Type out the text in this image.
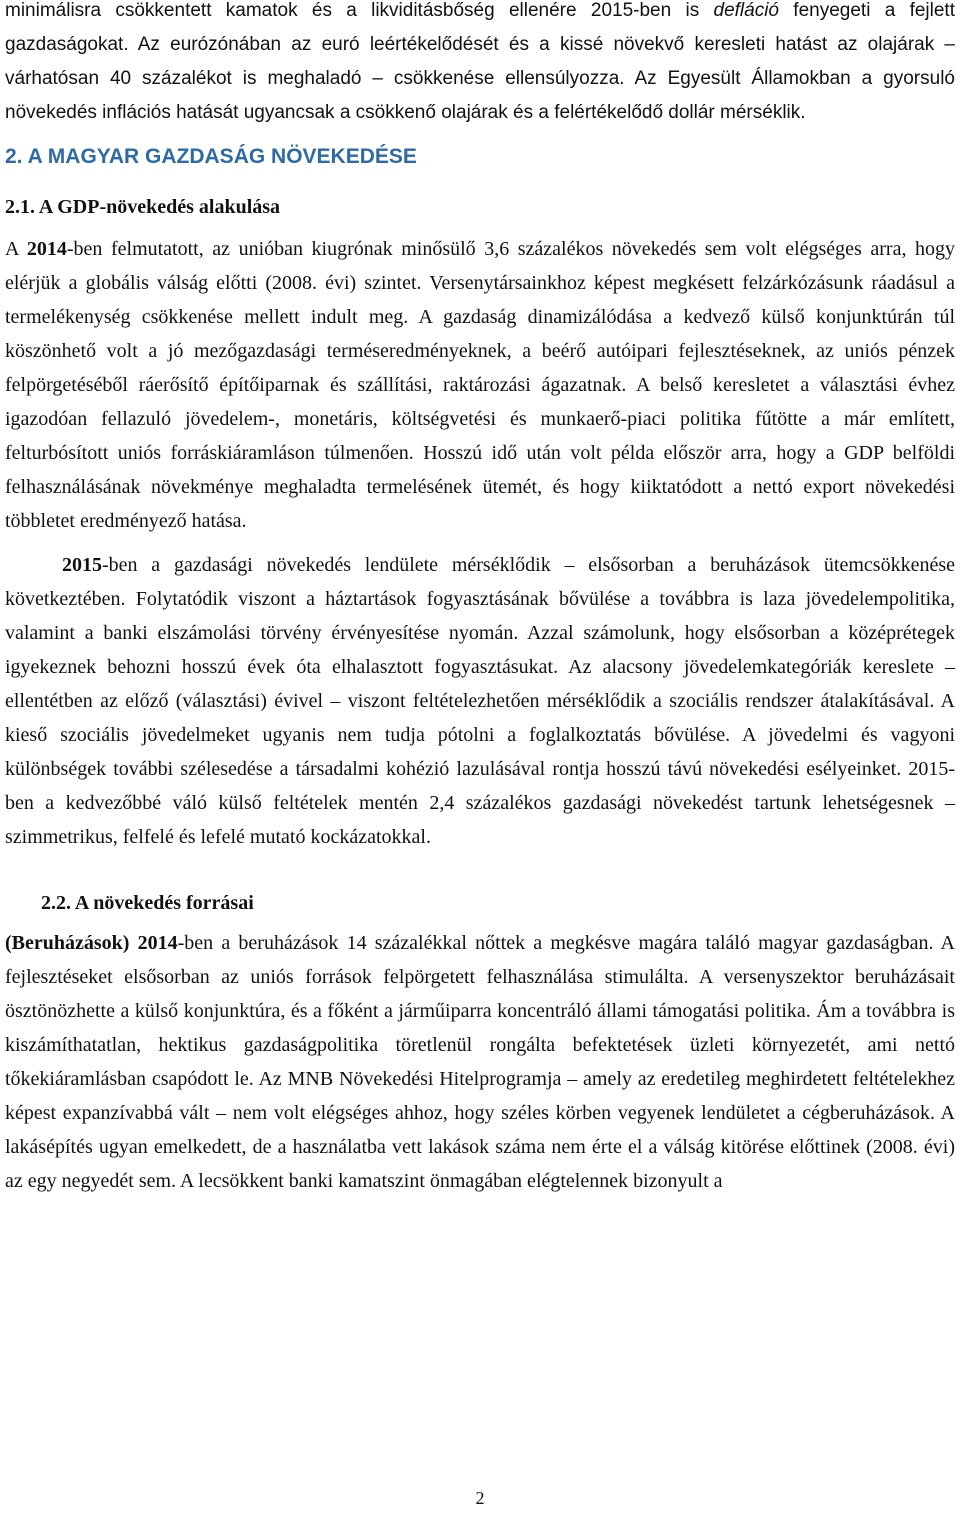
minimálisra csökkentett kamatok és a likviditásbőség ellenére 2015-ben is defláció fenyegeti a fejlett gazdaságokat. Az eurózónában az euró leértékelődését és a kissé növekvő keresleti hatást az olajárak – várhatósan 40 százalékot is meghaladó – csökkenése ellensúlyozza. Az Egyesült Államokban a gyorsuló növekedés inflációs hatását ugyancsak a csökkenő olajárak és a felértékelődő dollár mérséklik.

2. A MAGYAR GAZDASÁG NÖVEKEDÉSE
2.1. A GDP-növekedés alakulása

A 2014-ben felmutatott, az unióban kiugrónak minősülő 3,6 százalékos növekedés sem volt elégséges arra, hogy elérjük a globális válság előtti (2008. évi) szintet. Versenytársainkhoz képest megkésett felzárkózásunk ráadásul a termelékenység csökkenése mellett indult meg. A gazdaság dinamizálódása a kedvező külső konjunktúrán túl köszönhető volt a jó mezőgazdasági terméseredményeknek, a beérő autóipari fejlesztéseknek, az uniós pénzek felpörgetéséből ráerősítő építőiparnak és szállítási, raktározási ágazatnak. A belső keresletet a választási évhez igazodóan fellazuló jövedelem-, monetáris, költségvetési és munkaerő-piaci politika fűtötte a már említett, felturbósított uniós forráskiáramláson túlmenően. Hosszú idő után volt példa először arra, hogy a GDP belföldi felhasználásának növekménye meghaladta termelésének ütemét, és hogy kiiktatódott a nettó export növekedési többletet eredményező hatása.

2015-ben a gazdasági növekedés lendülete mérséklődik – elsősorban a beruházások ütemcsökkenése következtében. Folytatódik viszont a háztartások fogyasztásának bővülése a továbbra is laza jövedelempolitika, valamint a banki elszámolási törvény érvényesítése nyomán. Azzal számolunk, hogy elsősorban a középrétegek igyekeznek behozni hosszú évek óta elhalasztott fogyasztásukat. Az alacsony jövedelemkategóriák kereslete – ellentétben az előző (választási) évivel – viszont feltételezhetően mérséklődik a szociális rendszer átalakításával. A kieső szociális jövedelmeket ugyanis nem tudja pótolni a foglalkoztatás bővülése. A jövedelmi és vagyoni különbségek további szélesedése a társadalmi kohézió lazulásával rontja hosszú távú növekedési esélyeinket. 2015-ben a kedvezőbbé váló külső feltételek mentén 2,4 százalékos gazdasági növekedést tartunk lehetségesnek – szimmetrikus, felfelé és lefelé mutató kockázatokkal.

2.2. A növekedés forrásai

(Beruházások) 2014-ben a beruházások 14 százalékkal nőttek a megkésve magára találó magyar gazdaságban. A fejlesztéseket elsősorban az uniós források felpörgetett felhasználása stimulálta. A versenyszektor beruházásait ösztönözhette a külső konjunktúra, és a főként a járműiparra koncentráló állami támogatási politika. Ám a továbbra is kiszámíthatatlan, hektikus gazdaságpolitika töretlenül rongálta befektetések üzleti környezetét, ami nettó tőkekiáramlásban csapódott le. Az MNB Növekedési Hitelprogramja – amely az eredetileg meghirdetett feltételekhez képest expanzívabbá vált – nem volt elégséges ahhoz, hogy széles körben vegyenek lendületet a cégberuházások. A lakásépítés ugyan emelkedett, de a használatba vett lakások száma nem érte el a válság kitörése előttinek (2008. évi) az egy negyedét sem. A lecsökkent banki kamatszint önmagában elégtelennek bizonyult a

2
